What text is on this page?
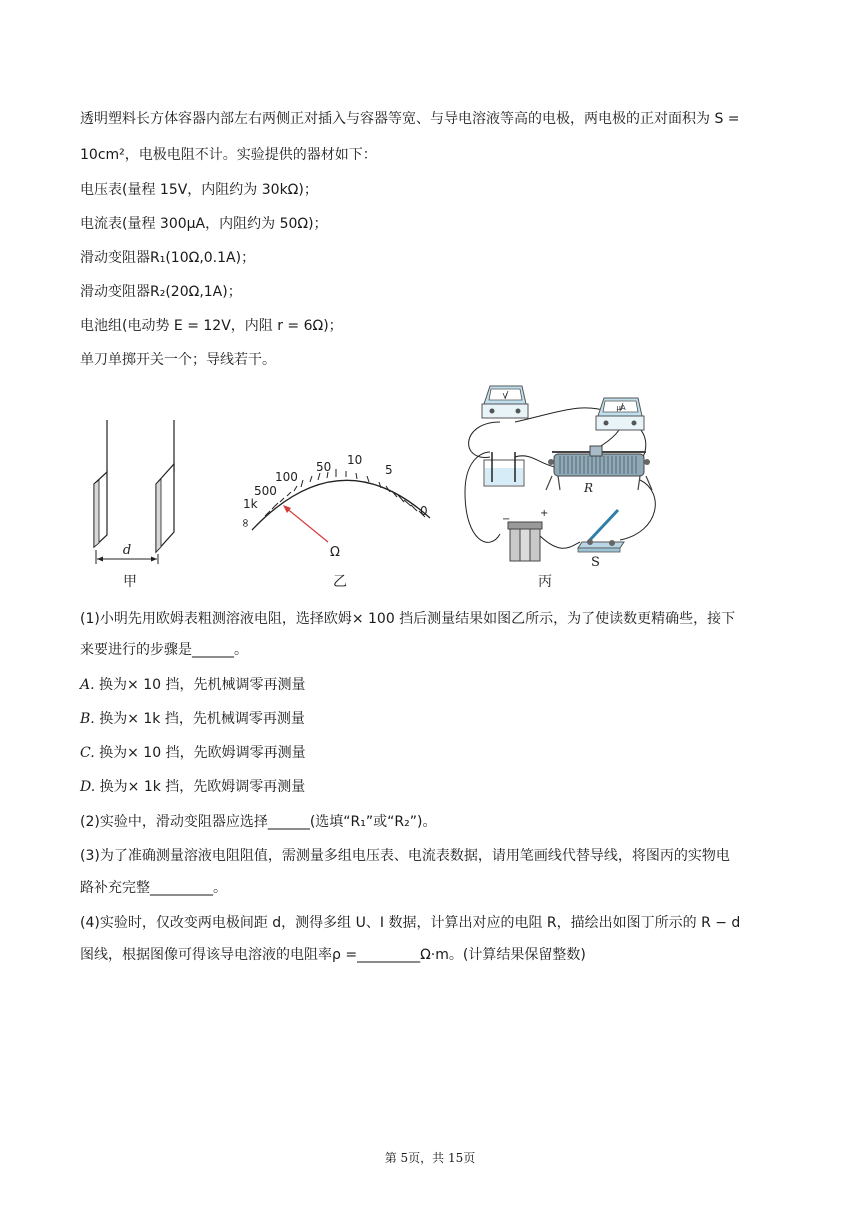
透明塑料长方体容器内部左右两侧正对插入与容器等宽、与导电溶液等高的电极，两电极的正对面积为 S =
10cm²，电极电阻不计。实验提供的器材如下：
电压表(量程 15V，内阻约为 30kΩ)；
电流表(量程 300μA，内阻约为 50Ω)；
滑动变阻器R₁(10Ω,0.1A)；
滑动变阻器R₂(20Ω,1A)；
电池组(电动势 E = 12V，内阻 r = 6Ω)；
单刀单掷开关一个；导线若干。
d
甲
∞
1k
500
100
50 10
5
0
Ω
乙
V
μA
R
−
+
S
丙
(1)小明先用欧姆表粗测溶液电阻，选择欧姆× 100 挡后测量结果如图乙所示，为了使读数更精确些，接下
来要进行的步骤是______。
A. 换为× 10 挡，先机械调零再测量
B. 换为× 1k 挡，先机械调零再测量
C. 换为× 10 挡，先欧姆调零再测量
D. 换为× 1k 挡，先欧姆调零再测量
(2)实验中，滑动变阻器应选择______(选填“R₁”或“R₂”)。
(3)为了准确测量溶液电阻阻值，需测量多组电压表、电流表数据，请用笔画线代替导线，将图丙的实物电
路补充完整_________。
(4)实验时，仅改变两电极间距 d，测得多组 U、I 数据，计算出对应的电阻 R，描绘出如图丁所示的 R − d
图线，根据图像可得该导电溶液的电阻率ρ =_________Ω·m。(计算结果保留整数)
第 5页，共 15页
